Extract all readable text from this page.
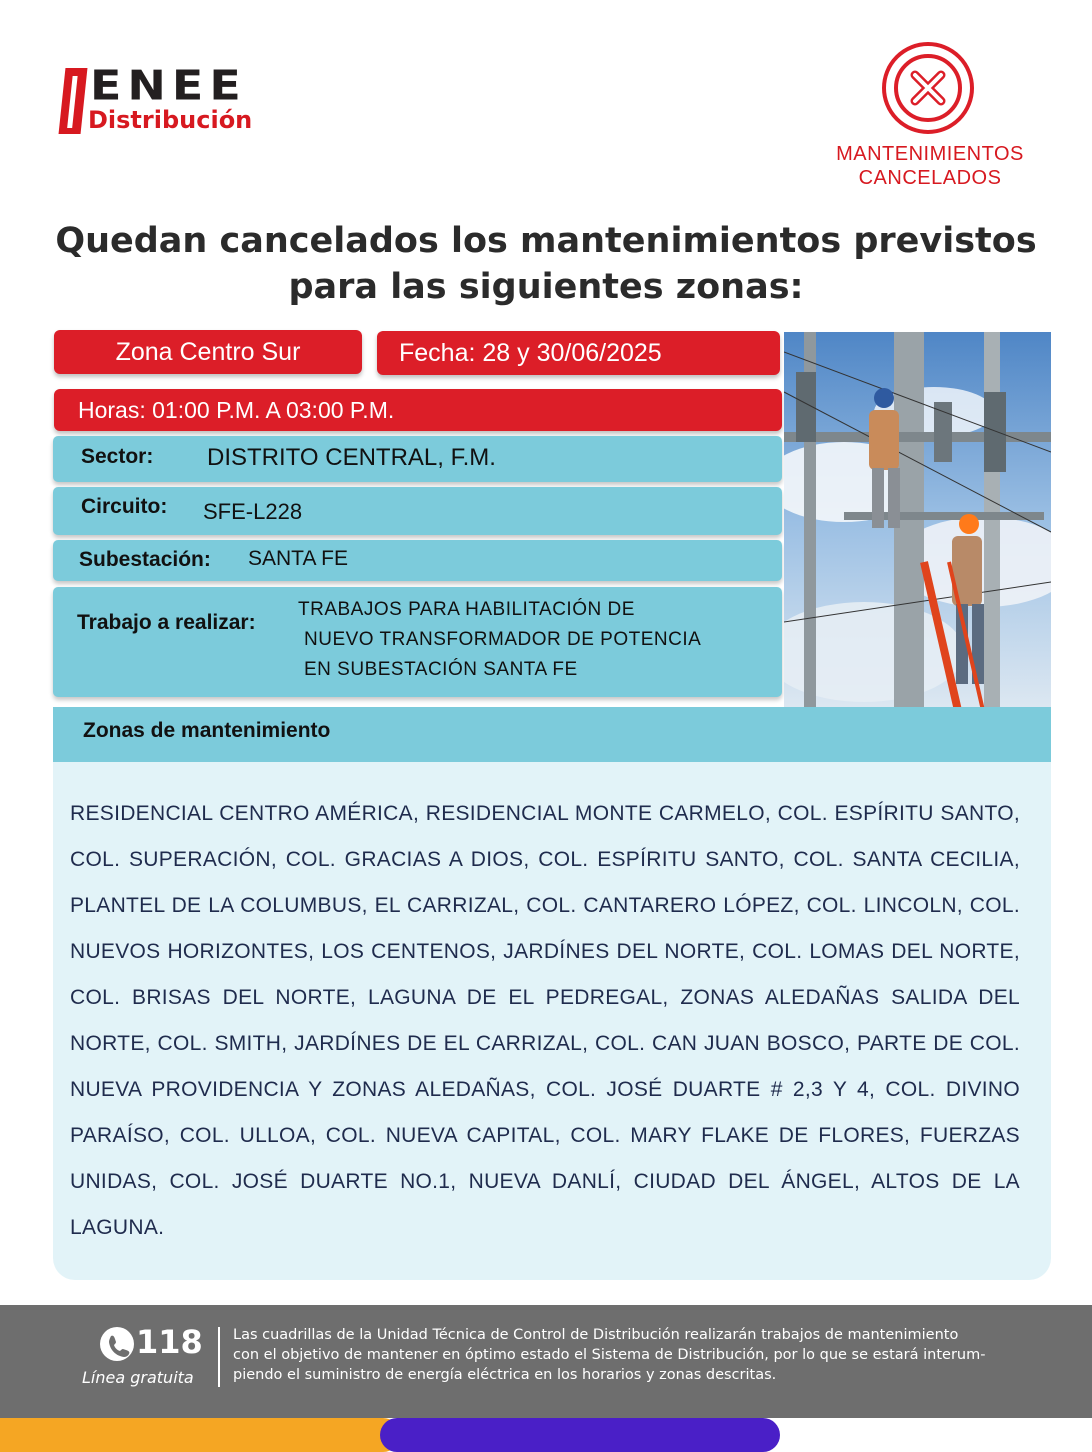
ENEE
Distribución
MANTENIMIENTOS
CANCELADOS
Quedan cancelados los mantenimientos previstos
para las siguientes zonas:
Zona Centro Sur	Fecha: 28 y 30/06/2025
Horas: 01:00 P.M. A 03:00 P.M.
Sector: DISTRITO CENTRAL, F.M.
Circuito: SFE-L228
Subestación: SANTA FE
Trabajo a realizar:
TRABAJOS PARA HABILITACIÓN DE
NUEVO TRANSFORMADOR DE POTENCIA
EN SUBESTACIÓN SANTA FE
Zonas de mantenimiento
RESIDENCIAL CENTRO AMÉRICA, RESIDENCIAL MONTE CARMELO, COL. ESPÍRITU SANTO, COL. SUPERACIÓN, COL. GRACIAS A DIOS, COL. ESPÍRITU SANTO, COL. SANTA CECILIA, PLANTEL DE LA COLUMBUS, EL CARRIZAL, COL. CANTARERO LÓPEZ, COL. LINCOLN, COL. NUEVOS HORIZONTES, LOS CENTENOS, JARDÍNES DEL NORTE, COL. LOMAS DEL NORTE, COL. BRISAS DEL NORTE, LAGUNA DE EL PEDREGAL, ZONAS ALEDAÑAS SALIDA DEL NORTE, COL. SMITH, JARDÍNES DE EL CARRIZAL, COL. CAN JUAN BOSCO, PARTE DE COL. NUEVA PROVIDENCIA Y ZONAS ALEDAÑAS, COL. JOSÉ DUARTE # 2,3 Y 4, COL. DIVINO PARAÍSO, COL. ULLOA, COL. NUEVA CAPITAL, COL. MARY FLAKE DE FLORES, FUERZAS UNIDAS, COL. JOSÉ DUARTE NO.1, NUEVA DANLÍ, CIUDAD DEL ÁNGEL, ALTOS DE LA LAGUNA.
118
Línea gratuita
Las cuadrillas de la Unidad Técnica de Control de Distribución realizarán trabajos de mantenimiento
con el objetivo de mantener en óptimo estado el Sistema de Distribución, por lo que se estará interum-
piendo el suministro de energía eléctrica en los horarios y zonas descritas.
